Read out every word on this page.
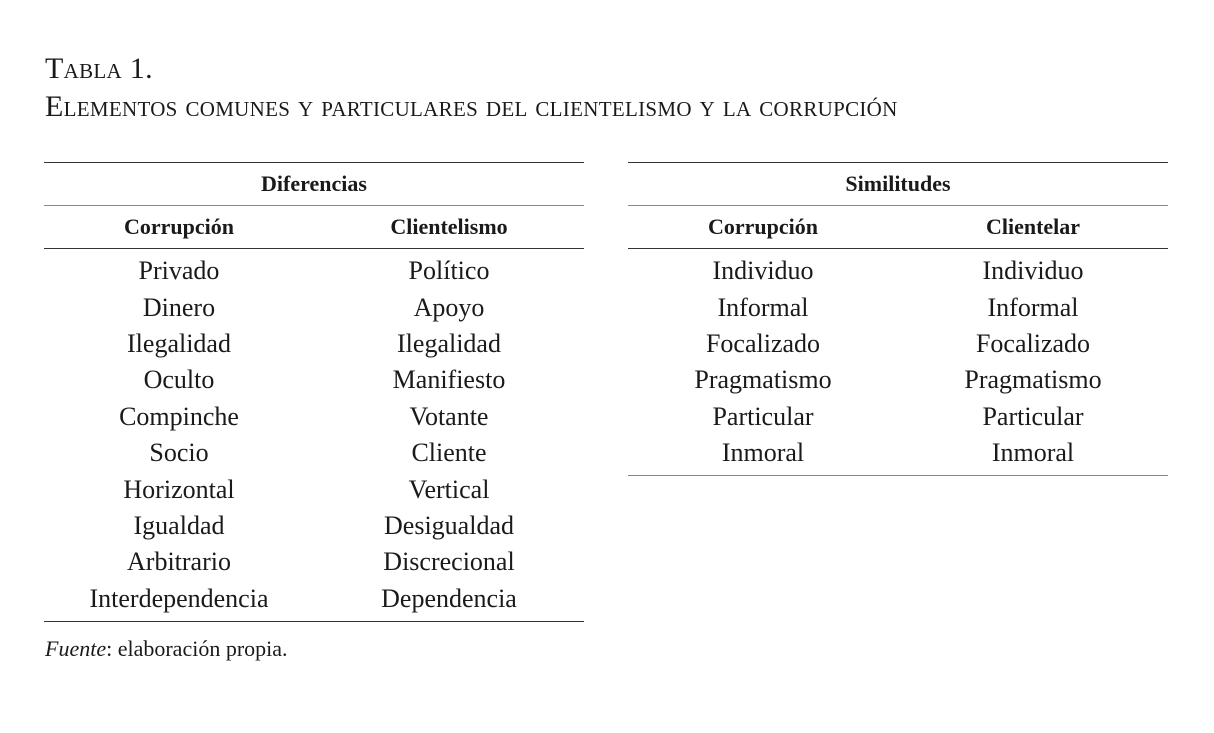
Tabla 1.
Elementos comunes y particulares del clientelismo y la corrupción
Diferencias	
Corrupción	Clientelismo
Privado	Político
Dinero	Apoyo
Ilegalidad	Ilegalidad
Oculto	Manifiesto
Compinche	Votante
Socio	Cliente
Horizontal	Vertical
Igualdad	Desigualdad
Arbitrario	Discrecional
Interdependencia	Dependencia
Similitudes	
Corrupción	Clientelar
Individuo	Individuo
Informal	Informal
Focalizado	Focalizado
Pragmatismo	Pragmatismo
Particular	Particular
Inmoral	Inmoral
Fuente: elaboración propia.
